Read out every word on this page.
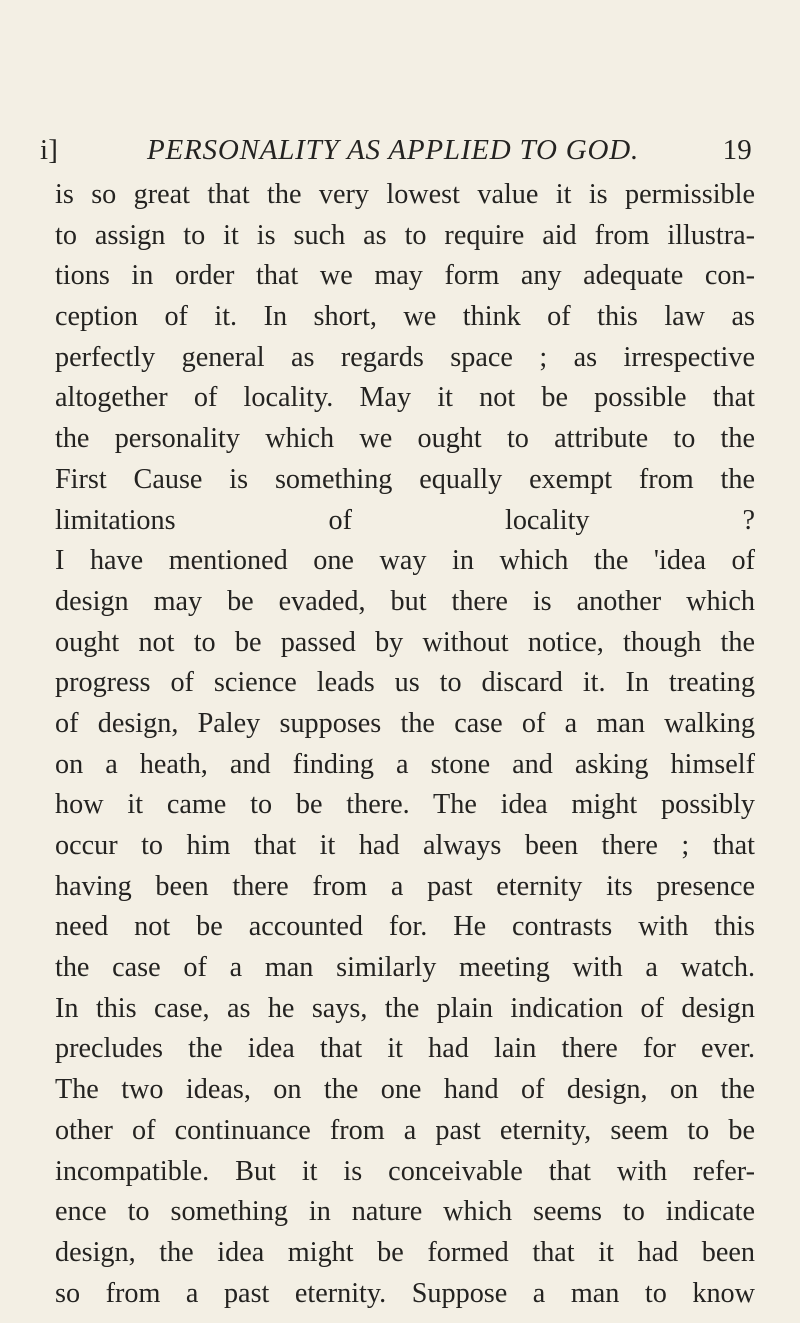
i]	PERSONALITY AS APPLIED TO GOD.	19
is so great that the very lowest value it is permissible
to assign to it is such as to require aid from illustra-
tions in order that we may form any adequate con-
ception of it. In short, we think of this law as
perfectly general as regards space ; as irrespective
altogether of locality. May it not be possible that
the personality which we ought to attribute to the
First Cause is something equally exempt from the
limitations of locality ?
I have mentioned one way in which the 'idea of
design may be evaded, but there is another which
ought not to be passed by without notice, though the
progress of science leads us to discard it. In treating
of design, Paley supposes the case of a man walking
on a heath, and finding a stone and asking himself
how it came to be there. The idea might possibly
occur to him that it had always been there ; that
having been there from a past eternity its presence
need not be accounted for. He contrasts with this
the case of a man similarly meeting with a watch.
In this case, as he says, the plain indication of design
precludes the idea that it had lain there for ever.
The two ideas, on the one hand of design, on the
other of continuance from a past eternity, seem to be
incompatible. But it is conceivable that with refer-
ence to something in nature which seems to indicate
design, the idea might be formed that it had been
so from a past eternity. Suppose a man to know
